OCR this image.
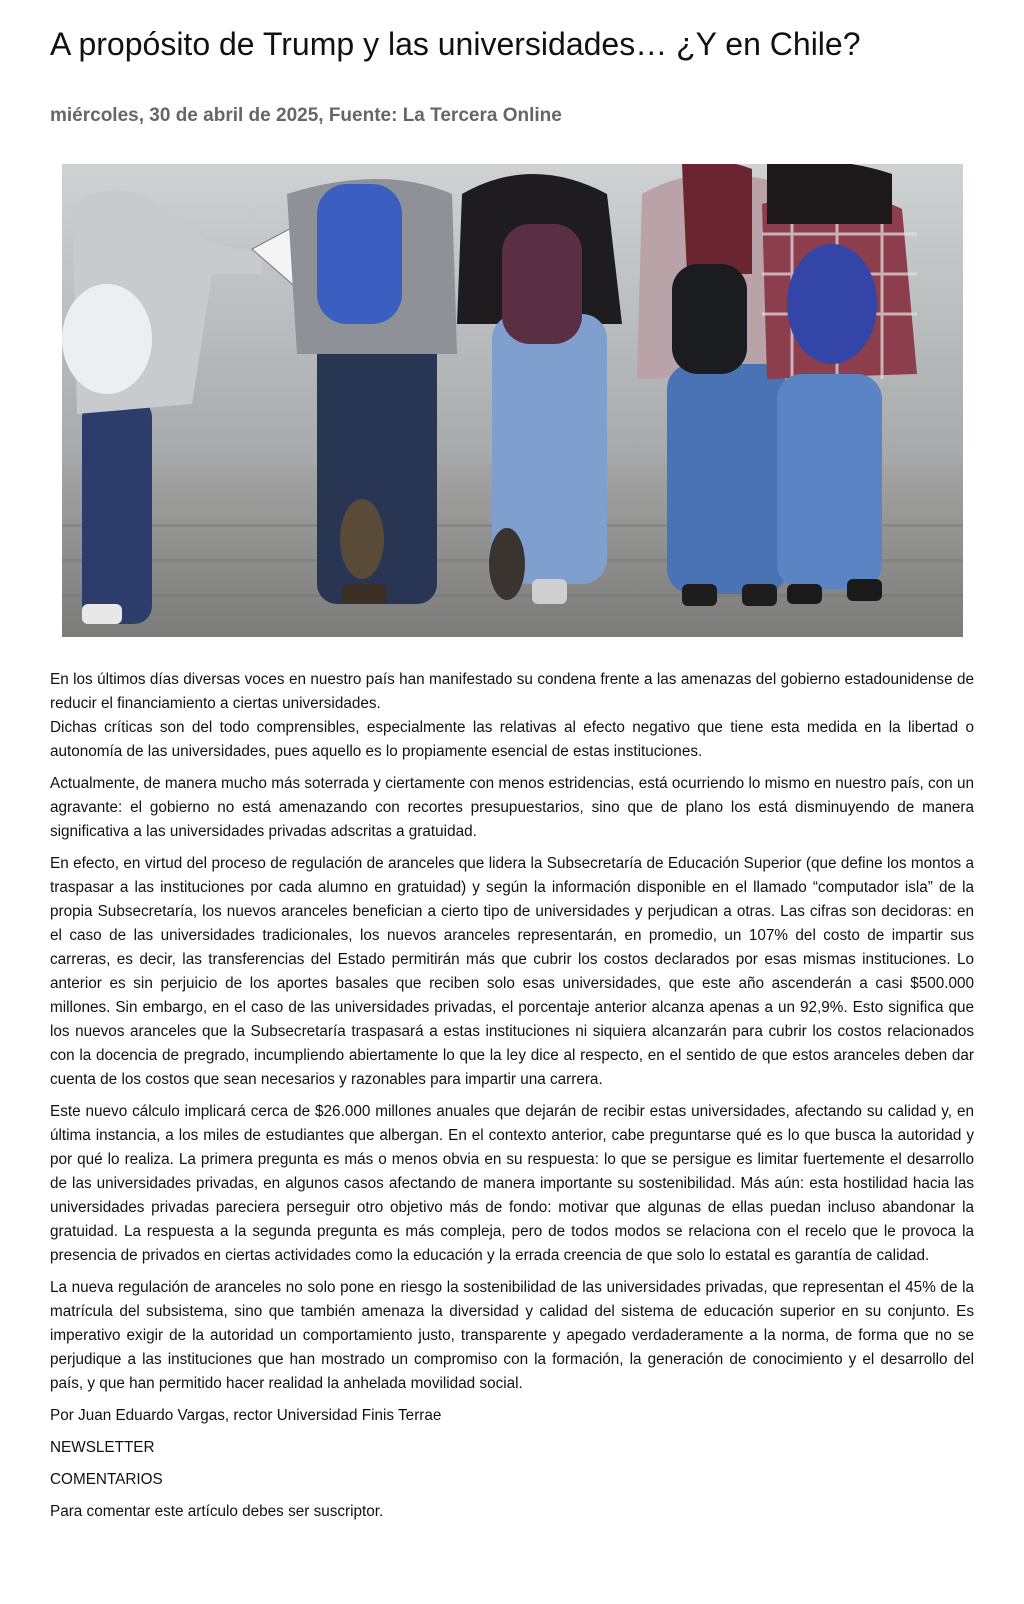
A propósito de Trump y las universidades… ¿Y en Chile?
miércoles, 30 de abril de 2025, Fuente: La Tercera Online

En los últimos días diversas voces en nuestro país han manifestado su condena frente a las amenazas del gobierno estadounidense de reducir el financiamiento a ciertas universidades.

Dichas críticas son del todo comprensibles, especialmente las relativas al efecto negativo que tiene esta medida en la libertad o autonomía de las universidades, pues aquello es lo propiamente esencial de estas instituciones.

Actualmente, de manera mucho más soterrada y ciertamente con menos estridencias, está ocurriendo lo mismo en nuestro país, con un agravante: el gobierno no está amenazando con recortes presupuestarios, sino que de plano los está disminuyendo de manera significativa a las universidades privadas adscritas a gratuidad.

En efecto, en virtud del proceso de regulación de aranceles que lidera la Subsecretaría de Educación Superior (que define los montos a traspasar a las instituciones por cada alumno en gratuidad) y según la información disponible en el llamado “computador isla” de la propia Subsecretaría, los nuevos aranceles benefician a cierto tipo de universidades y perjudican a otras. Las cifras son decidoras: en el caso de las universidades tradicionales, los nuevos aranceles representarán, en promedio, un 107% del costo de impartir sus carreras, es decir, las transferencias del Estado permitirán más que cubrir los costos declarados por esas mismas instituciones. Lo anterior es sin perjuicio de los aportes basales que reciben solo esas universidades, que este año ascenderán a casi $500.000 millones. Sin embargo, en el caso de las universidades privadas, el porcentaje anterior alcanza apenas a un 92,9%. Esto significa que los nuevos aranceles que la Subsecretaría traspasará a estas instituciones ni siquiera alcanzarán para cubrir los costos relacionados con la docencia de pregrado, incumpliendo abiertamente lo que la ley dice al respecto, en el sentido de que estos aranceles deben dar cuenta de los costos que sean necesarios y razonables para impartir una carrera.

Este nuevo cálculo implicará cerca de $26.000 millones anuales que dejarán de recibir estas universidades, afectando su calidad y, en última instancia, a los miles de estudiantes que albergan. En el contexto anterior, cabe preguntarse qué es lo que busca la autoridad y por qué lo realiza. La primera pregunta es más o menos obvia en su respuesta: lo que se persigue es limitar fuertemente el desarrollo de las universidades privadas, en algunos casos afectando de manera importante su sostenibilidad. Más aún: esta hostilidad hacia las universidades privadas pareciera perseguir otro objetivo más de fondo: motivar que algunas de ellas puedan incluso abandonar la gratuidad. La respuesta a la segunda pregunta es más compleja, pero de todos modos se relaciona con el recelo que le provoca la presencia de privados en ciertas actividades como la educación y la errada creencia de que solo lo estatal es garantía de calidad.

La nueva regulación de aranceles no solo pone en riesgo la sostenibilidad de las universidades privadas, que representan el 45% de la matrícula del subsistema, sino que también amenaza la diversidad y calidad del sistema de educación superior en su conjunto. Es imperativo exigir de la autoridad un comportamiento justo, transparente y apegado verdaderamente a la norma, de forma que no se perjudique a las instituciones que han mostrado un compromiso con la formación, la generación de conocimiento y el desarrollo del país, y que han permitido hacer realidad la anhelada movilidad social.

Por Juan Eduardo Vargas, rector Universidad Finis Terrae

NEWSLETTER

COMENTARIOS

Para comentar este artículo debes ser suscriptor.
